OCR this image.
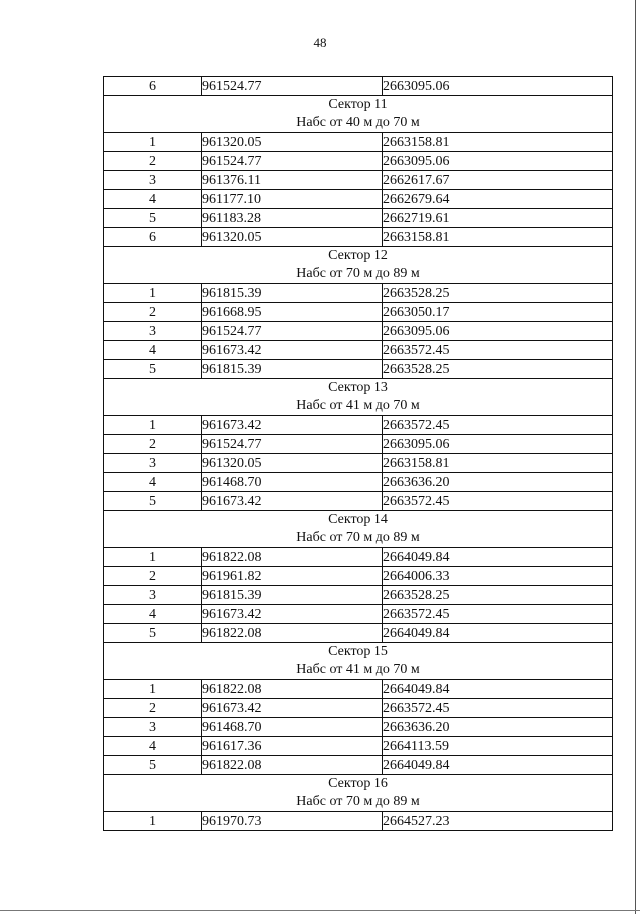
48
6	961524.77	2663095.06

Сектор 11
Набс от 40 м до 70 м		

1	961320.05	2663158.81
2	961524.77	2663095.06
3	961376.11	2662617.67
4	961177.10	2662679.64
5	961183.28	2662719.61
6	961320.05	2663158.81

Сектор 12
Набс от 70 м до 89 м		

1	961815.39	2663528.25
2	961668.95	2663050.17
3	961524.77	2663095.06
4	961673.42	2663572.45
5	961815.39	2663528.25

Сектор 13
Набс от 41 м до 70 м		

1	961673.42	2663572.45
2	961524.77	2663095.06
3	961320.05	2663158.81
4	961468.70	2663636.20
5	961673.42	2663572.45

Сектор 14
Набс от 70 м до 89 м		

1	961822.08	2664049.84
2	961961.82	2664006.33
3	961815.39	2663528.25
4	961673.42	2663572.45
5	961822.08	2664049.84

Сектор 15
Набс от 41 м до 70 м		

1	961822.08	2664049.84
2	961673.42	2663572.45
3	961468.70	2663636.20
4	961617.36	2664113.59
5	961822.08	2664049.84

Сектор 16
Набс от 70 м до 89 м		

1	961970.73	2664527.23
